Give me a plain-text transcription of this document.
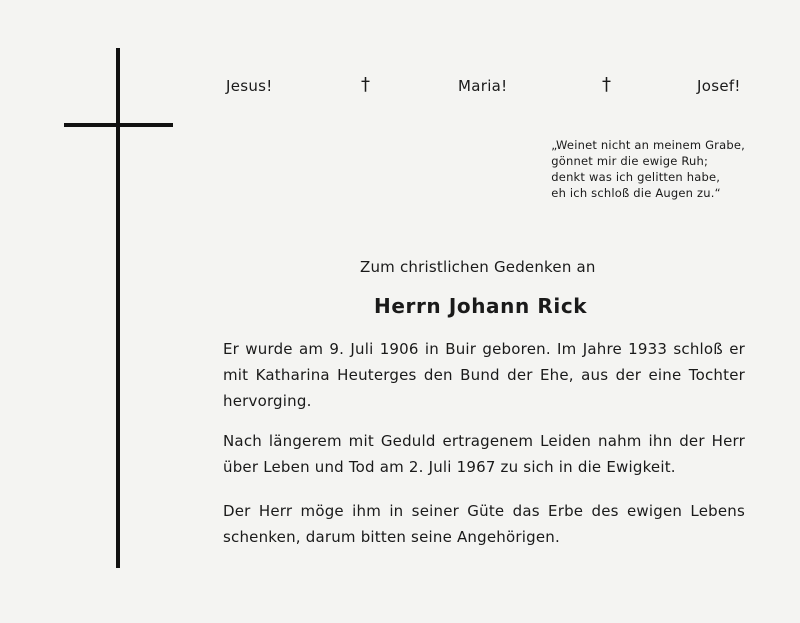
Jesus!	†	Maria!	†	Josef!
„Weinet nicht an meinem Grabe,
gönnet mir die ewige Ruh;
denkt was ich gelitten habe,
eh ich schloß die Augen zu.“
Zum christlichen Gedenken an
Herrn Johann Rick
Er wurde am 9. Juli 1906 in Buir geboren. Im Jahre 1933 schloß er mit Katharina Heuterges den Bund der Ehe, aus der eine Tochter hervorging.
Nach längerem mit Geduld ertragenem Leiden nahm ihn der Herr über Leben und Tod am 2. Juli 1967 zu sich in die Ewigkeit.
Der Herr möge ihm in seiner Güte das Erbe des ewigen Lebens schenken, darum bitten seine Angehörigen.
